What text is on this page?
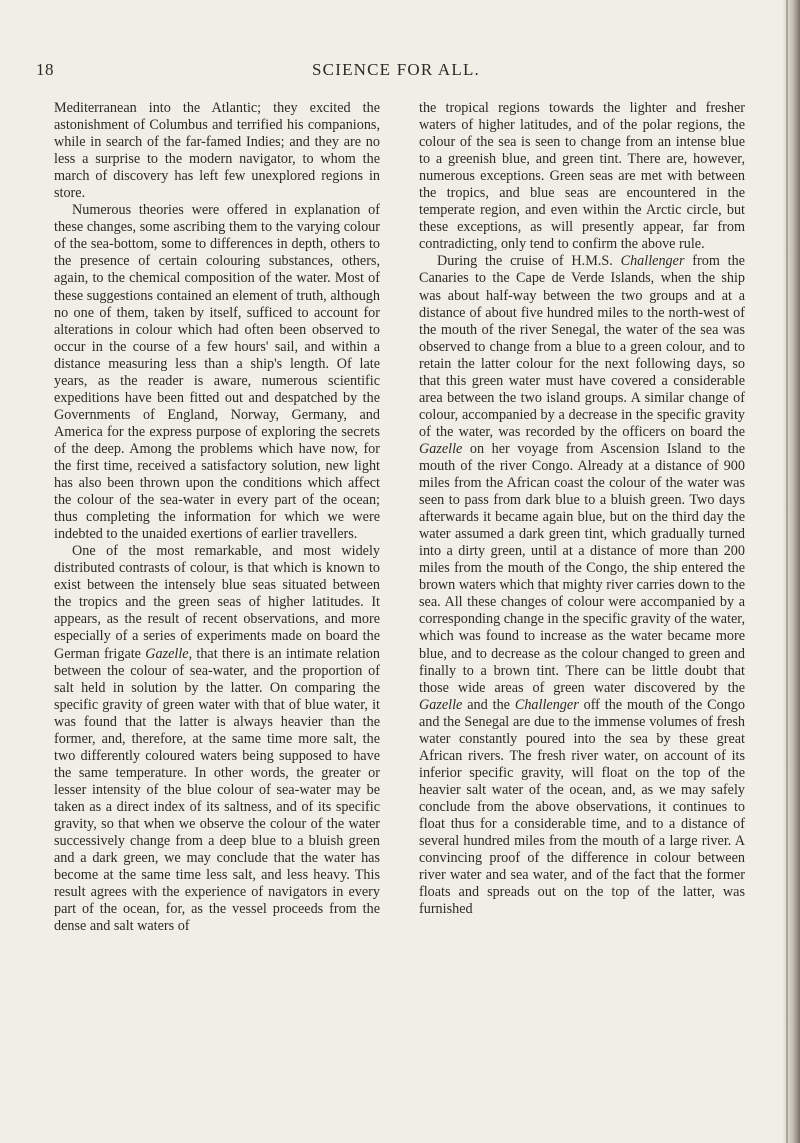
18	SCIENCE FOR ALL.

Mediterranean into the Atlantic; they excited the astonishment of Columbus and terrified his companions, while in search of the far-famed Indies; and they are no less a surprise to the modern navigator, to whom the march of discovery has left few unexplored regions in store.

Numerous theories were offered in explanation of these changes, some ascribing them to the varying colour of the sea-bottom, some to differences in depth, others to the presence of certain colouring substances, others, again, to the chemical composition of the water. Most of these suggestions contained an element of truth, although no one of them, taken by itself, sufficed to account for alterations in colour which had often been observed to occur in the course of a few hours' sail, and within a distance measuring less than a ship's length. Of late years, as the reader is aware, numerous scientific expeditions have been fitted out and despatched by the Governments of England, Norway, Germany, and America for the express purpose of exploring the secrets of the deep. Among the problems which have now, for the first time, received a satisfactory solution, new light has also been thrown upon the conditions which affect the colour of the sea-water in every part of the ocean; thus completing the information for which we were indebted to the unaided exertions of earlier travellers.

One of the most remarkable, and most widely distributed contrasts of colour, is that which is known to exist between the intensely blue seas situated between the tropics and the green seas of higher latitudes. It appears, as the result of recent observations, and more especially of a series of experiments made on board the German frigate Gazelle, that there is an intimate relation between the colour of sea-water, and the proportion of salt held in solution by the latter. On comparing the specific gravity of green water with that of blue water, it was found that the latter is always heavier than the former, and, therefore, at the same time more salt, the two differently coloured waters being supposed to have the same temperature. In other words, the greater or lesser intensity of the blue colour of sea-water may be taken as a direct index of its saltness, and of its specific gravity, so that when we observe the colour of the water successively change from a deep blue to a bluish green and a dark green, we may conclude that the water has become at the same time less salt, and less heavy. This result agrees with the experience of navigators in every part of the ocean, for, as the vessel proceeds from the dense and salt waters of

the tropical regions towards the lighter and fresher waters of higher latitudes, and of the polar regions, the colour of the sea is seen to change from an intense blue to a greenish blue, and green tint. There are, however, numerous exceptions. Green seas are met with between the tropics, and blue seas are encountered in the temperate region, and even within the Arctic circle, but these exceptions, as will presently appear, far from contradicting, only tend to confirm the above rule.

During the cruise of H.M.S. Challenger from the Canaries to the Cape de Verde Islands, when the ship was about half-way between the two groups and at a distance of about five hundred miles to the north-west of the mouth of the river Senegal, the water of the sea was observed to change from a blue to a green colour, and to retain the latter colour for the next following days, so that this green water must have covered a considerable area between the two island groups. A similar change of colour, accompanied by a decrease in the specific gravity of the water, was recorded by the officers on board the Gazelle on her voyage from Ascension Island to the mouth of the river Congo. Already at a distance of 900 miles from the African coast the colour of the water was seen to pass from dark blue to a bluish green. Two days afterwards it became again blue, but on the third day the water assumed a dark green tint, which gradually turned into a dirty green, until at a distance of more than 200 miles from the mouth of the Congo, the ship entered the brown waters which that mighty river carries down to the sea. All these changes of colour were accompanied by a corresponding change in the specific gravity of the water, which was found to increase as the water became more blue, and to decrease as the colour changed to green and finally to a brown tint. There can be little doubt that those wide areas of green water discovered by the Gazelle and the Challenger off the mouth of the Congo and the Senegal are due to the immense volumes of fresh water constantly poured into the sea by these great African rivers. The fresh river water, on account of its inferior specific gravity, will float on the top of the heavier salt water of the ocean, and, as we may safely conclude from the above observations, it continues to float thus for a considerable time, and to a distance of several hundred miles from the mouth of a large river. A convincing proof of the difference in colour between river water and sea water, and of the fact that the former floats and spreads out on the top of the latter, was furnished
